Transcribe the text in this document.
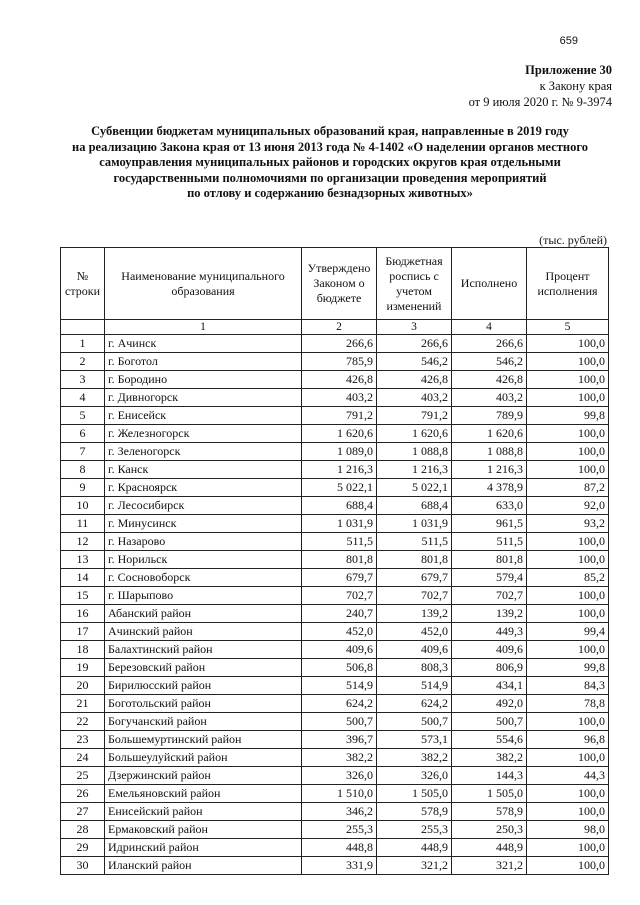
659
Приложение 30
к Закону края
от 9 июля 2020 г. № 9-3974
Субвенции бюджетам муниципальных образований края, направленные в 2019 году
на реализацию Закона края от 13 июня 2013 года № 4-1402 «О наделении органов местного
самоуправления муниципальных районов и городских округов края отдельными
государственными полномочиями по организации проведения мероприятий
по отлову и содержанию безнадзорных животных»
(тыс. рублей)
№ строки	Наименование муниципального образования	Утверждено Законом о бюджете	Бюджетная роспись с учетом изменений	Исполнено	Процент исполнения
	1	2	3	4	5
1	г. Ачинск	266,6	266,6	266,6	100,0
2	г. Боготол	785,9	546,2	546,2	100,0
3	г. Бородино	426,8	426,8	426,8	100,0
4	г. Дивногорск	403,2	403,2	403,2	100,0
5	г. Енисейск	791,2	791,2	789,9	99,8
6	г. Железногорск	1 620,6	1 620,6	1 620,6	100,0
7	г. Зеленогорск	1 089,0	1 088,8	1 088,8	100,0
8	г. Канск	1 216,3	1 216,3	1 216,3	100,0
9	г. Красноярск	5 022,1	5 022,1	4 378,9	87,2
10	г. Лесосибирск	688,4	688,4	633,0	92,0
11	г. Минусинск	1 031,9	1 031,9	961,5	93,2
12	г. Назарово	511,5	511,5	511,5	100,0
13	г. Норильск	801,8	801,8	801,8	100,0
14	г. Сосновоборск	679,7	679,7	579,4	85,2
15	г. Шарыпово	702,7	702,7	702,7	100,0
16	Абанский район	240,7	139,2	139,2	100,0
17	Ачинский район	452,0	452,0	449,3	99,4
18	Балахтинский район	409,6	409,6	409,6	100,0
19	Березовский район	506,8	808,3	806,9	99,8
20	Бирилюсский район	514,9	514,9	434,1	84,3
21	Боготольский район	624,2	624,2	492,0	78,8
22	Богучанский район	500,7	500,7	500,7	100,0
23	Большемуртинский район	396,7	573,1	554,6	96,8
24	Большеулуйский район	382,2	382,2	382,2	100,0
25	Дзержинский район	326,0	326,0	144,3	44,3
26	Емельяновский район	1 510,0	1 505,0	1 505,0	100,0
27	Енисейский район	346,2	578,9	578,9	100,0
28	Ермаковский район	255,3	255,3	250,3	98,0
29	Идринский район	448,8	448,9	448,9	100,0
30	Иланский район	331,9	321,2	321,2	100,0
